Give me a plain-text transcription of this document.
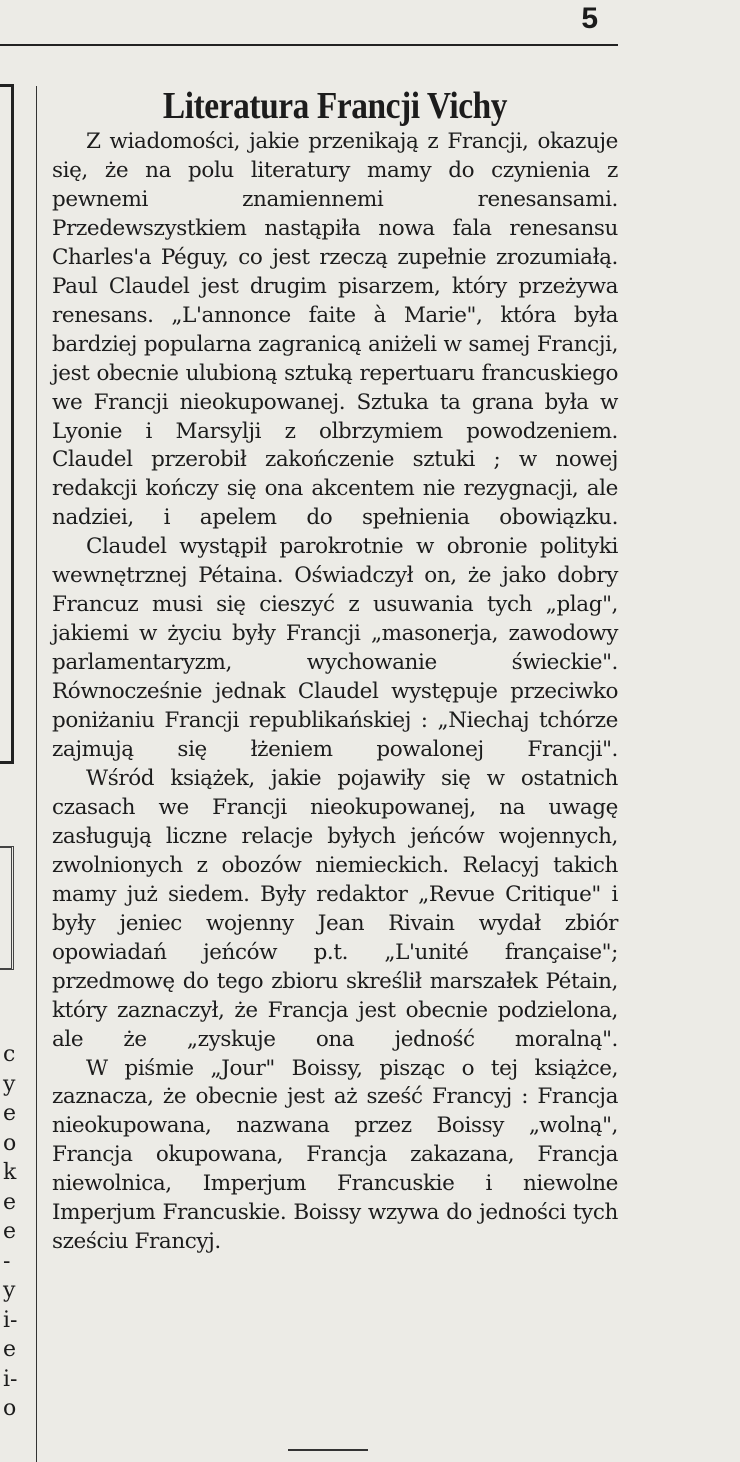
5
c
y
e
o
k
e
e
-
y
i-
e
i-
o
Literatura Francji Vichy

Z wiadomości, jakie przenikają z Francji, okazuje się, że na polu literatury mamy do czynienia z pewnemi znamiennemi renesansami. Przedewszystkiem nastąpiła nowa fala renesansu Charles'a Péguy, co jest rzeczą zupełnie zrozumiałą. Paul Claudel jest drugim pisarzem, który przeżywa renesans. „L'annonce faite à Marie", która była bardziej popularna zagranicą aniżeli w samej Francji, jest obecnie ulubioną sztuką repertuaru francuskiego we Francji nieokupowanej. Sztuka ta grana była w Lyonie i Marsylji z olbrzymiem powodzeniem. Claudel przerobił zakończenie sztuki ; w nowej redakcji kończy się ona akcentem nie rezygnacji, ale nadziei, i apelem do spełnienia obowiązku.

Claudel wystąpił parokrotnie w obronie polityki wewnętrznej Pétaina. Oświadczył on, że jako dobry Francuz musi się cieszyć z usuwania tych „plag", jakiemi w życiu były Francji „masonerja, zawodowy parlamentaryzm, wychowanie świeckie". Równocześnie jednak Claudel występuje przeciwko poniżaniu Francji republikańskiej : „Niechaj tchórze zajmują się łżeniem powalonej Francji".

Wśród książek, jakie pojawiły się w ostatnich czasach we Francji nieokupowanej, na uwagę zasługują liczne relacje byłych jeńców wojennych, zwolnionych z obozów niemieckich. Relacyj takich mamy już siedem. Były redaktor „Revue Critique" i były jeniec wojenny Jean Rivain wydał zbiór opowiadań jeńców p.t. „L'unité française"; przedmowę do tego zbioru skreślił marszałek Pétain, który zaznaczył, że Francja jest obecnie podzielona, ale że „zyskuje ona jedność moralną".

W piśmie „Jour" Boissy, pisząc o tej książce, zaznacza, że obecnie jest aż sześć Francyj : Francja nieokupowana, nazwana przez Boissy „wolną", Francja okupowana, Francja zakazana, Francja niewolnica, Imperjum Francuskie i niewolne Imperjum Francuskie. Boissy wzywa do jedności tych sześciu Francyj.
